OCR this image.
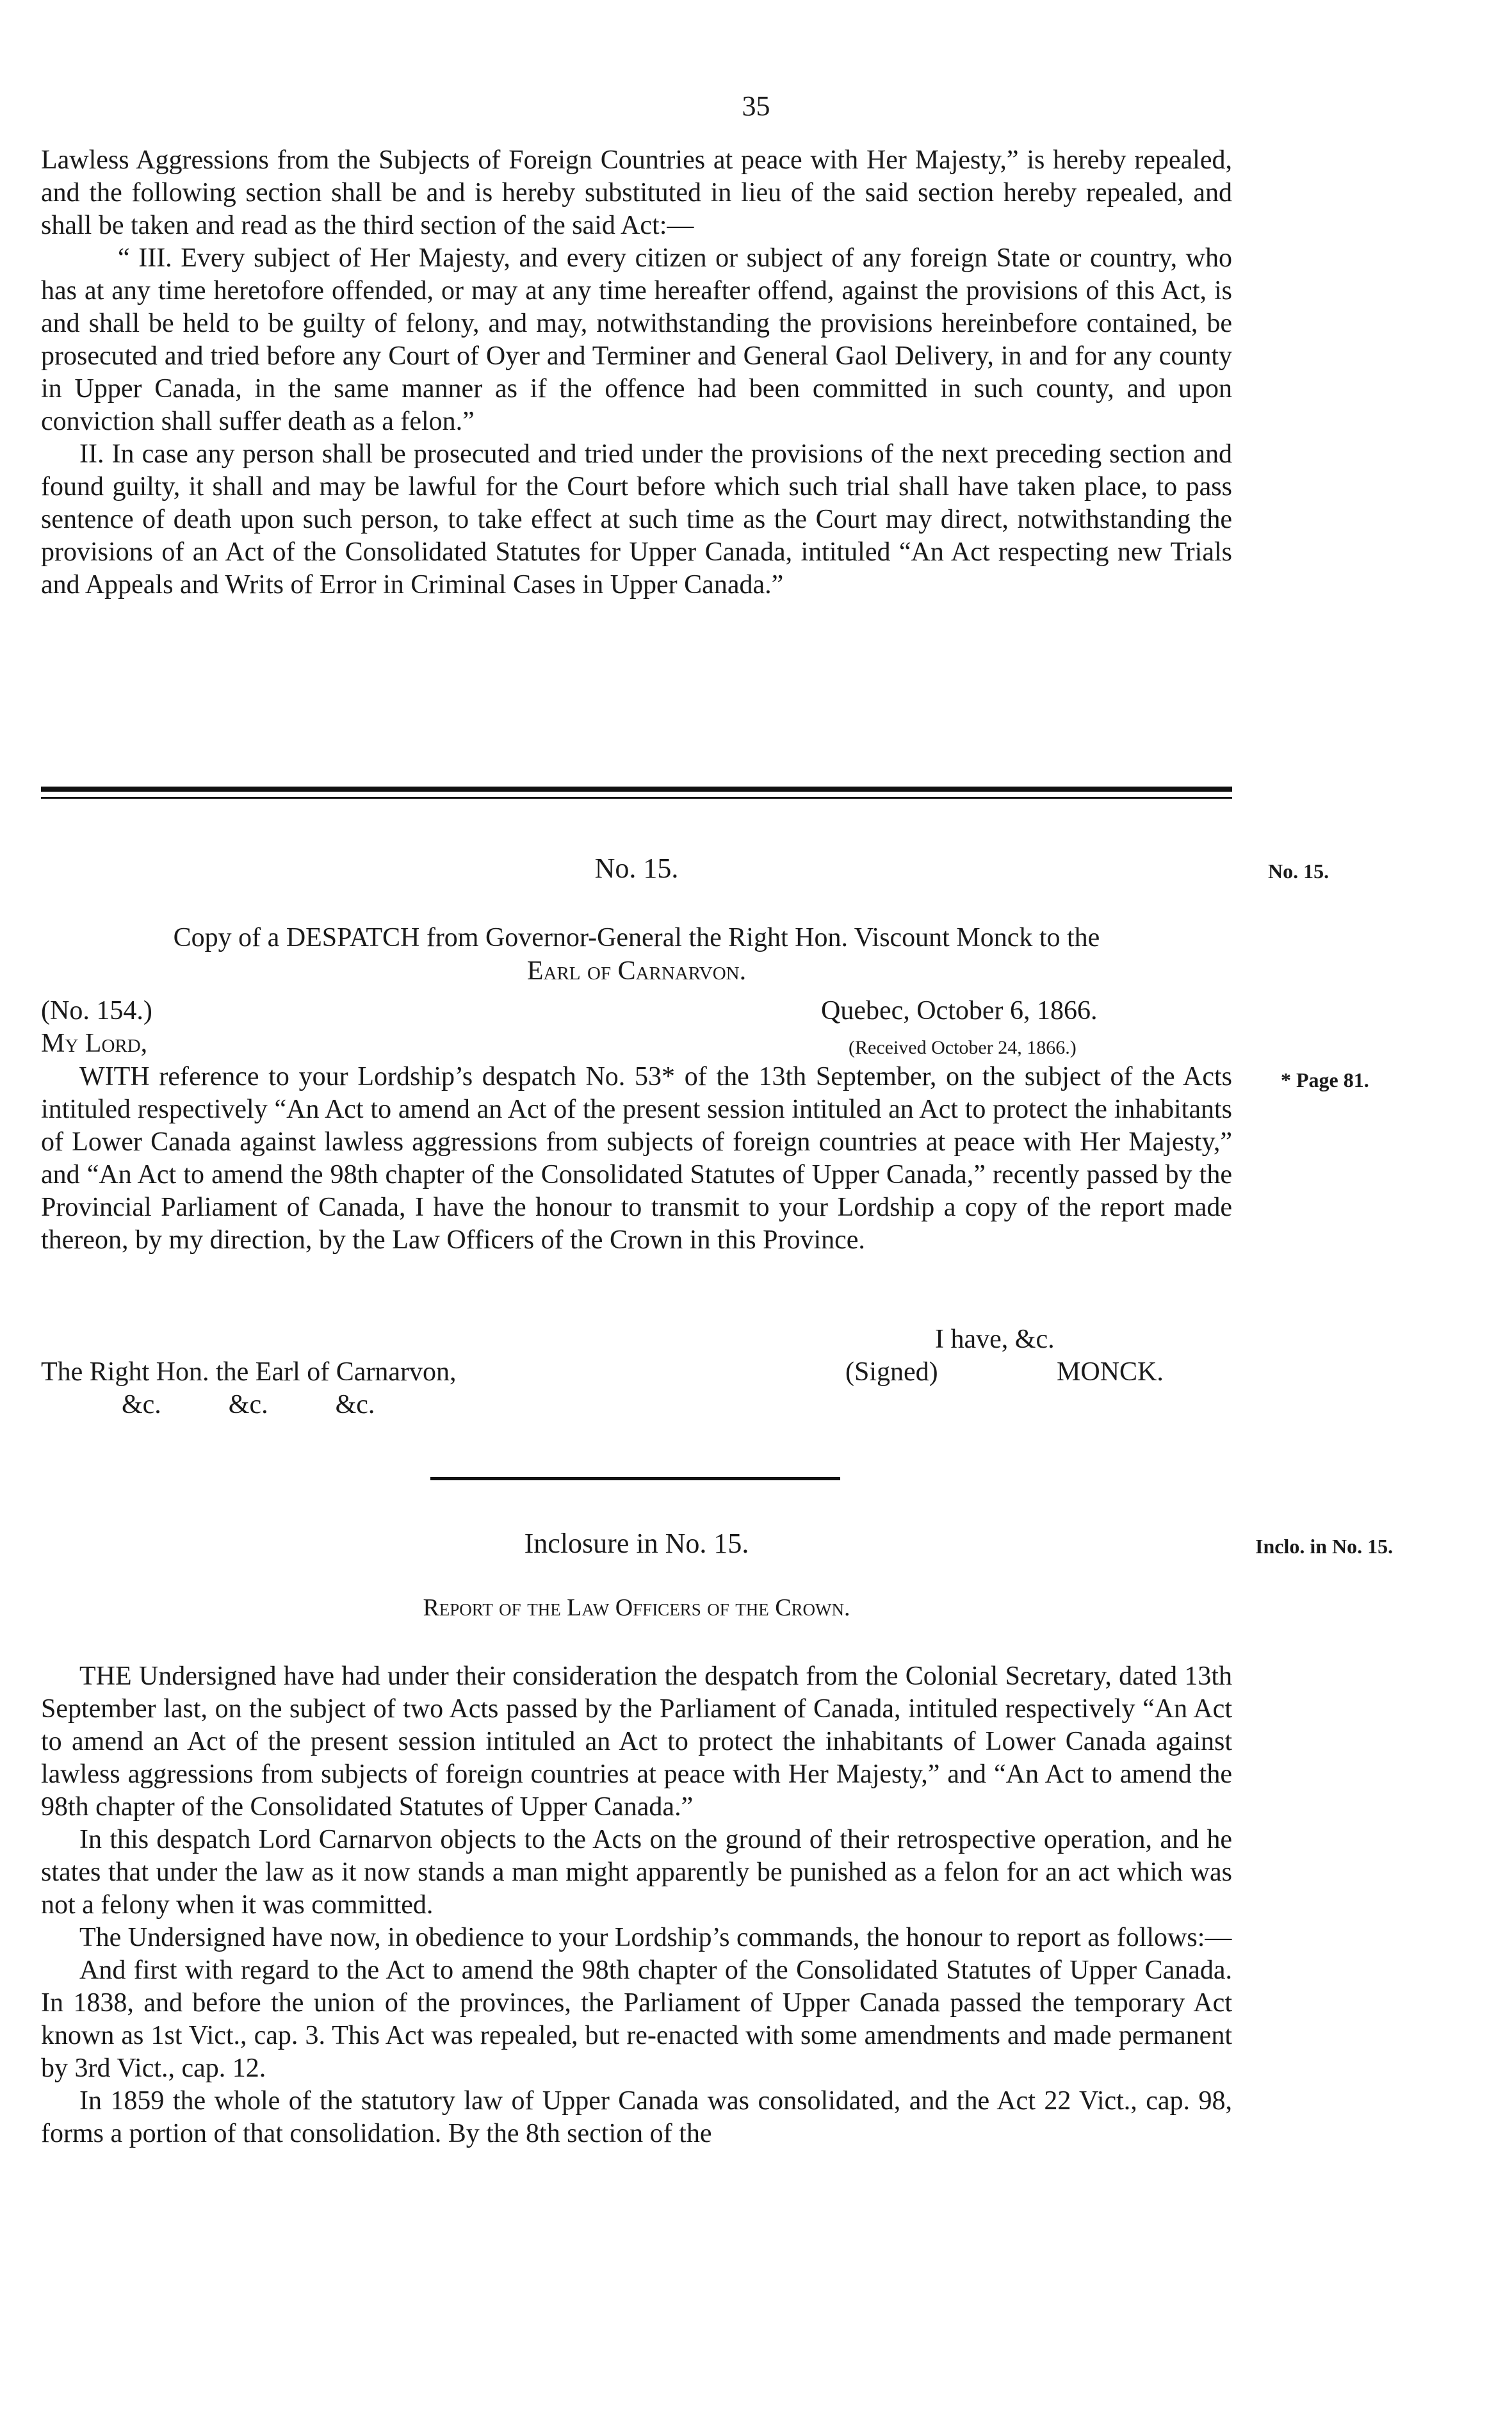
35

Lawless Aggressions from the Subjects of Foreign Countries at peace with Her Majesty,” is hereby repealed, and the following section shall be and is hereby substituted in lieu of the said section hereby repealed, and shall be taken and read as the third section of the said Act:—

“ III. Every subject of Her Majesty, and every citizen or subject of any foreign State or country, who has at any time heretofore offended, or may at any time hereafter offend, against the provisions of this Act, is and shall be held to be guilty of felony, and may, notwithstanding the provisions hereinbefore contained, be prosecuted and tried before any Court of Oyer and Terminer and General Gaol Delivery, in and for any county in Upper Canada, in the same manner as if the offence had been committed in such county, and upon conviction shall suffer death as a felon.”

II. In case any person shall be prosecuted and tried under the provisions of the next preceding section and found guilty, it shall and may be lawful for the Court before which such trial shall have taken place, to pass sentence of death upon such person, to take effect at such time as the Court may direct, notwithstanding the provisions of an Act of the Consolidated Statutes for Upper Canada, intituled “An Act respecting new Trials and Appeals and Writs of Error in Criminal Cases in Upper Canada.”

No. 15.	No. 15.
Copy of a DESPATCH from Governor-General the Right Hon. Viscount Monck to the
Earl of Carnarvon.
(No. 154.)	Quebec, October 6, 1866.
My Lord,	(Received October 24, 1866.)
WITH reference to your Lordship’s despatch No. 53* of the 13th September, on the subject of the Acts intituled respectively “An Act to amend an Act of the present session intituled an Act to protect the inhabitants of Lower Canada against lawless aggressions from subjects of foreign countries at peace with Her Majesty,” and “An Act to amend the 98th chapter of the Consolidated Statutes of Upper Canada,” recently passed by the Provincial Parliament of Canada, I have the honour to transmit to your Lordship a copy of the report made thereon, by my direction, by the Law Officers of the Crown in this Province.
* Page 81.
I have, &c.
The Right Hon. the Earl of Carnarvon,	(Signed)	MONCK.
&c.          &c.          &c.
Inclosure in No. 15.	Inclo. in No. 15.
Report of the Law Officers of the Crown.

THE Undersigned have had under their consideration the despatch from the Colonial Secretary, dated 13th September last, on the subject of two Acts passed by the Parliament of Canada, intituled respectively “An Act to amend an Act of the present session intituled an Act to protect the inhabitants of Lower Canada against lawless aggressions from subjects of foreign countries at peace with Her Majesty,” and “An Act to amend the 98th chapter of the Consolidated Statutes of Upper Canada.”

In this despatch Lord Carnarvon objects to the Acts on the ground of their retrospective operation, and he states that under the law as it now stands a man might apparently be punished as a felon for an act which was not a felony when it was committed.

The Undersigned have now, in obedience to your Lordship’s commands, the honour to report as follows:—

And first with regard to the Act to amend the 98th chapter of the Consolidated Statutes of Upper Canada. In 1838, and before the union of the provinces, the Parliament of Upper Canada passed the temporary Act known as 1st Vict., cap. 3. This Act was repealed, but re-enacted with some amendments and made permanent by 3rd Vict., cap. 12.

In 1859 the whole of the statutory law of Upper Canada was consolidated, and the Act 22 Vict., cap. 98, forms a portion of that consolidation. By the 8th section of the
